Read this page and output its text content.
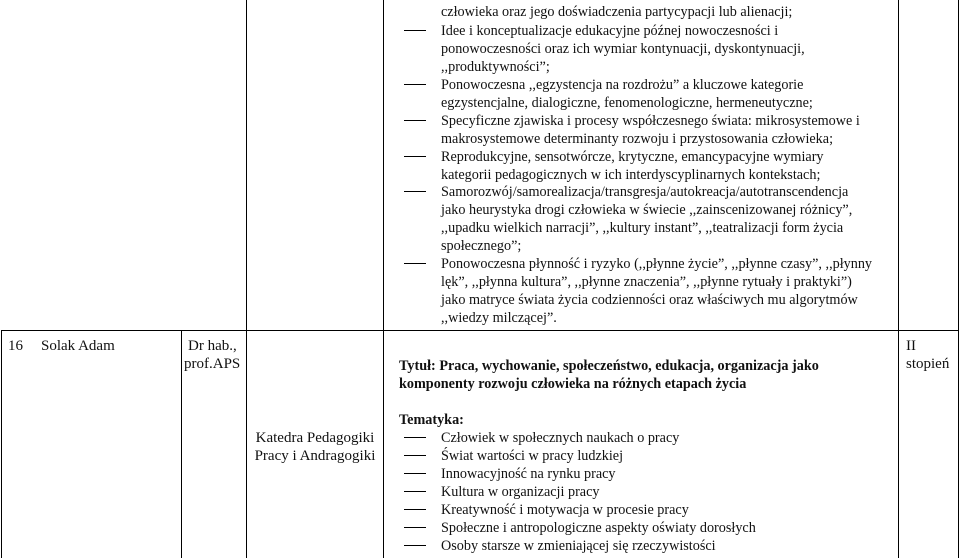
człowieka oraz jego doświadczenia partycypacji lub alienacji;
Idee i konceptualizacje edukacyjne późnej nowoczesności i
ponowoczesności oraz ich wymiar kontynuacji, dyskontynuacji,
,,produktywności”;
Ponowoczesna ,,egzystencja na rozdrożu” a kluczowe kategorie
egzystencjalne, dialogiczne, fenomenologiczne, hermeneutyczne;
Specyficzne zjawiska i procesy współczesnego świata: mikrosystemowe i
makrosystemowe determinanty rozwoju i przystosowania człowieka;
Reprodukcyjne, sensotwórcze, krytyczne, emancypacyjne wymiary
kategorii pedagogicznych w ich interdyscyplinarnych kontekstach;
Samorozwój/samorealizacja/transgresja/autokreacja/autotranscendencja
jako heurystyka drogi człowieka w świecie ,,zainscenizowanej różnicy”,
,,upadku wielkich narracji”, ,,kultury instant”, ,,teatralizacji form życia
społecznego”;
Ponowoczesna płynność i ryzyko (,,płynne życie”, ,,płynne czasy”, ,,płynny
lęk”, ,,płynna kultura”, ,,płynne znaczenia”, ,,płynne rytuały i praktyki”)
jako matryce świata życia codzienności oraz właściwych mu algorytmów
,,wiedzy milczącej”.
16 Solak Adam	Dr hab.,
prof.APS
Katedra Pedagogiki
Pracy i Andragogiki
Tytuł: Praca, wychowanie, społeczeństwo, edukacja, organizacja jako
komponenty rozwoju człowieka na różnych etapach życia
Tematyka:
Człowiek w społecznych naukach o pracy
Świat wartości w pracy ludzkiej
Innowacyjność na rynku pracy
Kultura w organizacji pracy
Kreatywność i motywacja w procesie pracy
Społeczne i antropologiczne aspekty oświaty dorosłych
Osoby starsze w zmieniającej się rzeczywistości
II
stopień
